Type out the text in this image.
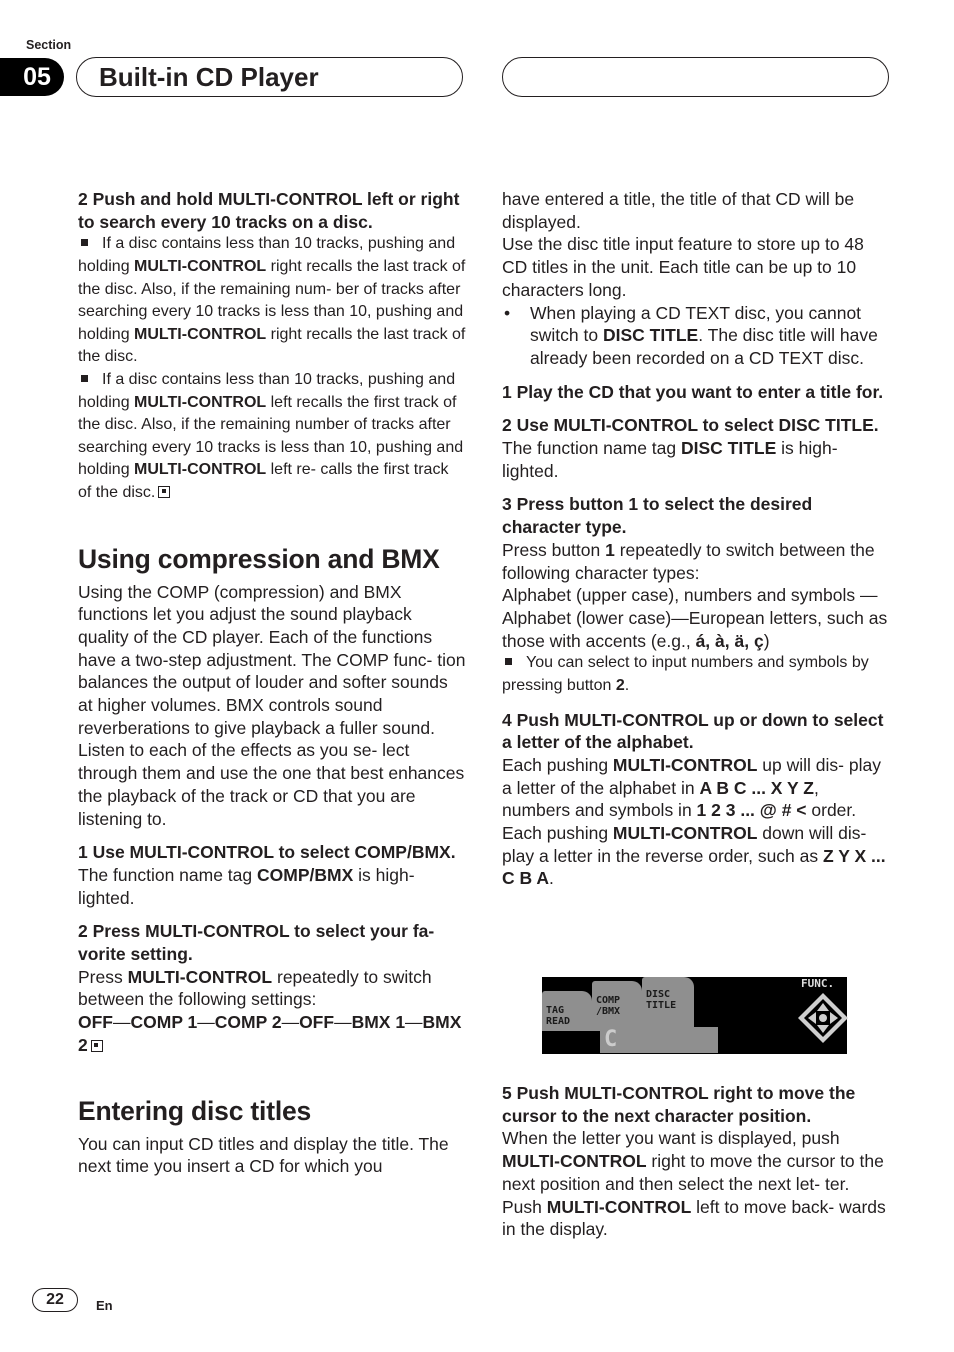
Section
05	Built-in CD Player

2 Push and hold MULTI-CONTROL left or right to search every 10 tracks on a disc.

If a disc contains less than 10 tracks, pushing and holding MULTI-CONTROL right recalls the last track of the disc. Also, if the remaining num- ber of tracks after searching every 10 tracks is less than 10, pushing and holding MULTI-CONTROL right recalls the last track of the disc.

If a disc contains less than 10 tracks, pushing and holding MULTI-CONTROL left recalls the first track of the disc. Also, if the remaining number of tracks after searching every 10 tracks is less than 10, pushing and holding MULTI-CONTROL left re- calls the first track of the disc.

Using compression and BMX

Using the COMP (compression) and BMX functions let you adjust the sound playback quality of the CD player. Each of the functions have a two-step adjustment. The COMP func- tion balances the output of louder and softer sounds at higher volumes. BMX controls sound reverberations to give playback a fuller sound. Listen to each of the effects as you se- lect through them and use the one that best enhances the playback of the track or CD that you are listening to.

1 Use MULTI-CONTROL to select COMP/BMX.

The function name tag COMP/BMX is high- lighted.

2 Press MULTI-CONTROL to select your fa- vorite setting.

Press MULTI-CONTROL repeatedly to switch between the following settings:

OFF—COMP 1—COMP 2—OFF—BMX 1—BMX 2

Entering disc titles

You can input CD titles and display the title. The next time you insert a CD for which you

have entered a title, the title of that CD will be displayed.

Use the disc title input feature to store up to 48 CD titles in the unit. Each title can be up to 10 characters long.

•	When playing a CD TEXT disc, you cannot switch to DISC TITLE. The disc title will have already been recorded on a CD TEXT disc.

1 Play the CD that you want to enter a title for.

2 Use MULTI-CONTROL to select DISC TITLE.

The function name tag DISC TITLE is high- lighted.

3 Press button 1 to select the desired character type.

Press button 1 repeatedly to switch between the following character types:

Alphabet (upper case), numbers and symbols —Alphabet (lower case)—European letters, such as those with accents (e.g., á, à, ä, ç)

You can select to input numbers and symbols by pressing button 2.

4 Push MULTI-CONTROL up or down to select a letter of the alphabet.

Each pushing MULTI-CONTROL up will dis- play a letter of the alphabet in A B C ... X Y Z, numbers and symbols in 1 2 3 ... @ # < order. Each pushing MULTI-CONTROL down will dis- play a letter in the reverse order, such as Z Y X ... C B A.

TAG
READ
COMP
/BMX
DISC
TITLE
C
FUNC.

5 Push MULTI-CONTROL right to move the cursor to the next character position.

When the letter you want is displayed, push MULTI-CONTROL right to move the cursor to the next position and then select the next let- ter. Push MULTI-CONTROL left to move back- wards in the display.

22	En
